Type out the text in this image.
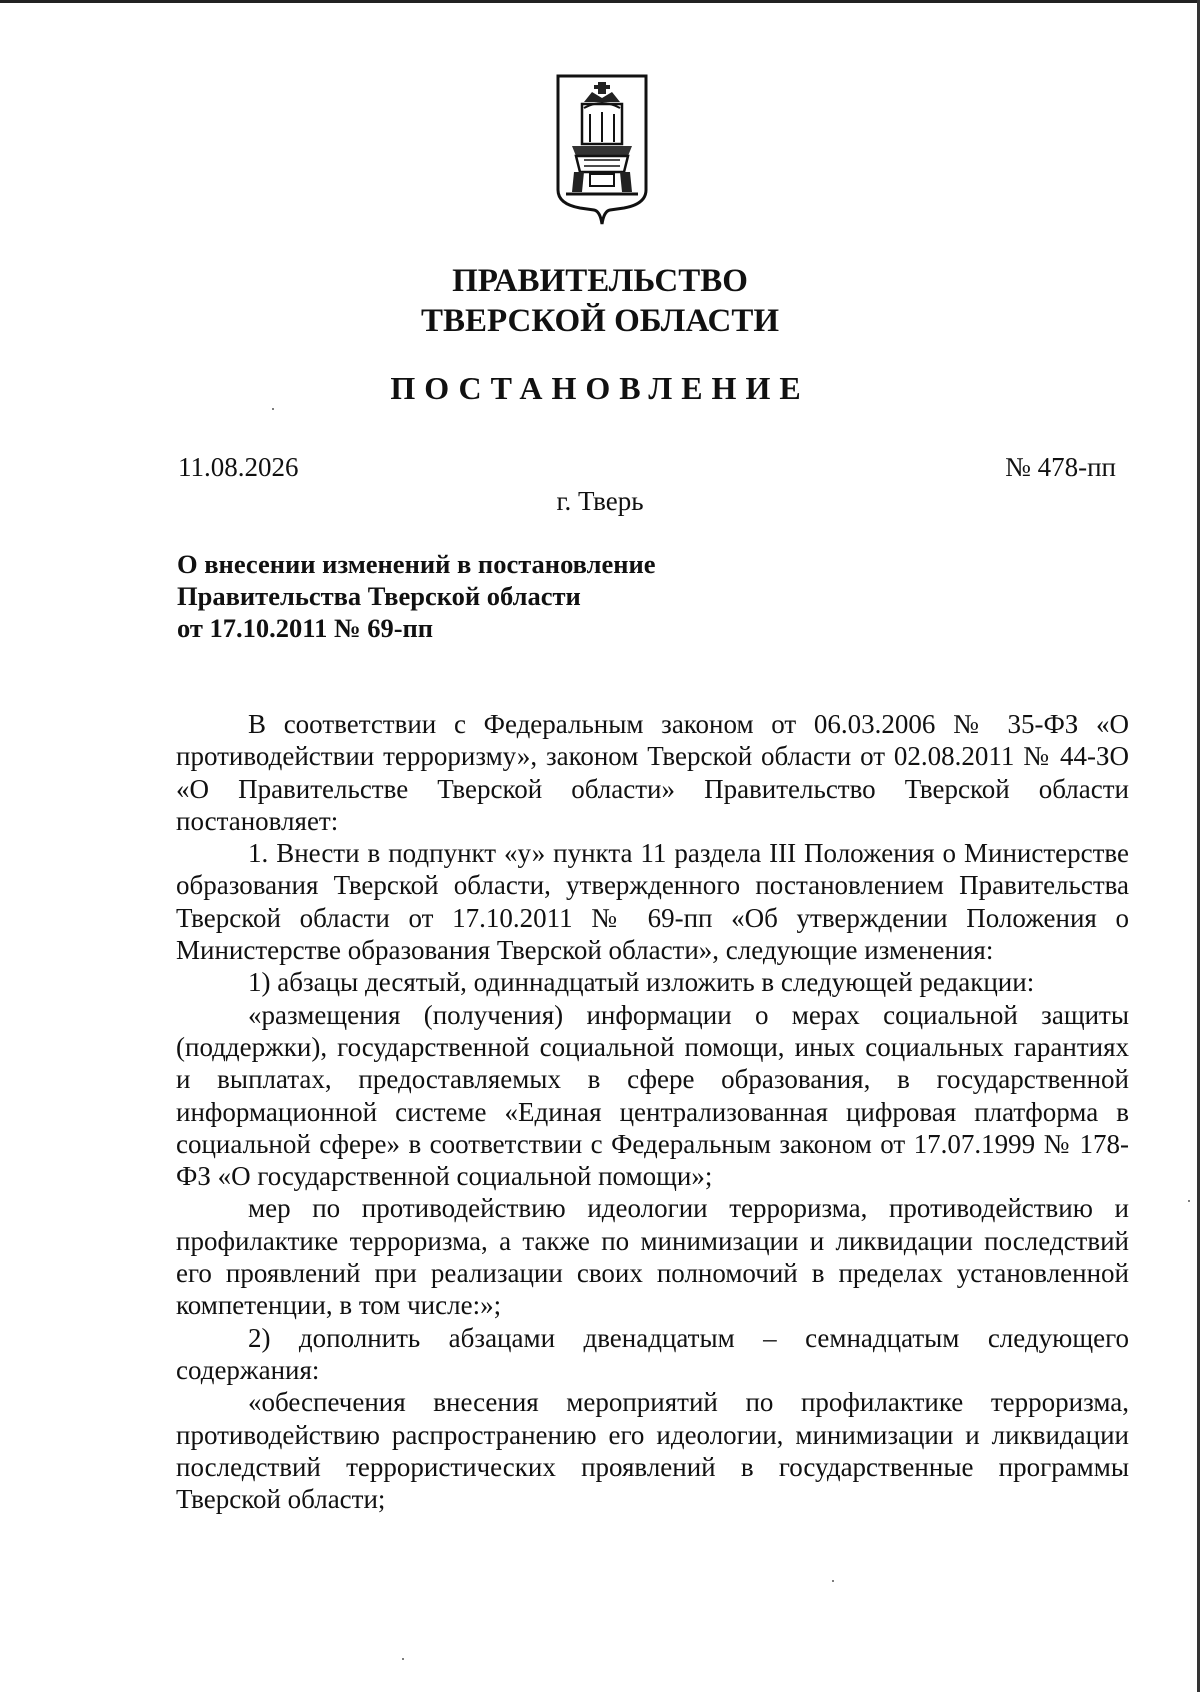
ПРАВИТЕЛЬСТВО
ТВЕРСКОЙ ОБЛАСТИ
ПОСТАНОВЛЕНИЕ
11.08.2026	№ 478-пп
г. Тверь
О внесении изменений в постановление
Правительства Тверской области
от 17.10.2011 № 69-пп

В соответствии с Федеральным законом от 06.03.2006 № 35-ФЗ «О противодействии терроризму», законом Тверской области от 02.08.2011 № 44-ЗО «О Правительстве Тверской области» Правительство Тверской области постановляет:

1. Внести в подпункт «у» пункта 11 раздела III Положения о Министерстве образования Тверской области, утвержденного постановлением Правительства Тверской области от 17.10.2011 № 69-пп «Об утверждении Положения о Министерстве образования Тверской области», следующие изменения:

1) абзацы десятый, одиннадцатый изложить в следующей редакции:

«размещения (получения) информации о мерах социальной защиты (поддержки), государственной социальной помощи, иных социальных гарантиях и выплатах, предоставляемых в сфере образования, в государственной информационной системе «Единая централизованная цифровая платформа в социальной сфере» в соответствии с Федеральным законом от 17.07.1999 № 178-ФЗ «О государственной социальной помощи»;

мер по противодействию идеологии терроризма, противодействию и профилактике терроризма, а также по минимизации и ликвидации последствий его проявлений при реализации своих полномочий в пределах установленной компетенции, в том числе:»;

2) дополнить абзацами двенадцатым – семнадцатым следующего содержания:

«обеспечения внесения мероприятий по профилактике терроризма, противодействию распространению его идеологии, минимизации и ликвидации последствий террористических проявлений в государственные программы Тверской области;
